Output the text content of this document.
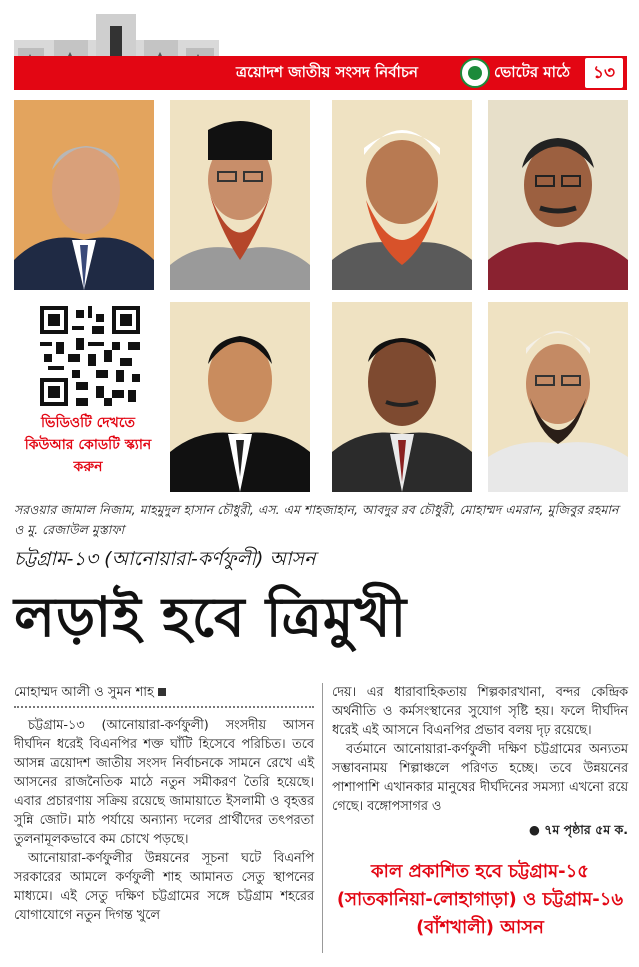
ত্রয়োদশ জাতীয় সংসদ নির্বাচন	ভোটের মাঠে	১৩
ভিডিওটি দেখতে কিউআর কোডটি স্ক্যান করুন
সরওয়ার জামাল নিজাম, মাহমুদুল হাসান চৌধুরী, এস. এম শাহজাহান, আবদুর রব চৌধুরী, মোহাম্মদ এমরান, মুজিবুর রহমান ও মু. রেজাউল মুস্তাফা
চট্টগ্রাম-১৩ (আনোয়ারা-কর্ণফুলী) আসন
লড়াই হবে ত্রিমুখী

মোহাম্মদ আলী ও সুমন শাহ

চট্টগ্রাম-১৩ (আনোয়ারা-কর্ণফুলী) সংসদীয় আসন দীর্ঘদিন ধরেই বিএনপির শক্ত ঘাঁটি হিসেবে পরিচিত। তবে আসন্ন ত্রয়োদশ জাতীয় সংসদ নির্বাচনকে সামনে রেখে এই আসনের রাজনৈতিক মাঠে নতুন সমীকরণ তৈরি হয়েছে। এবার প্রচারণায় সক্রিয় রয়েছে জামায়াতে ইসলামী ও বৃহত্তর সুন্নি জোট। মাঠ পর্যায়ে অন্যান্য দলের প্রার্থীদের তৎপরতা তুলনামূলকভাবে কম চোখে পড়ছে।

আনোয়ারা-কর্ণফুলীর উন্নয়নের সূচনা ঘটে বিএনপি সরকারের আমলে কর্ণফুলী শাহ আমানত সেতু স্থাপনের মাধ্যমে। এই সেতু দক্ষিণ চট্টগ্রামের সঙ্গে চট্টগ্রাম শহরের যোগাযোগে নতুন দিগন্ত খুলে

দেয়। এর ধারাবাহিকতায় শিল্পকারখানা, বন্দর কেন্দ্রিক অর্থনীতি ও কর্মসংস্থানের সুযোগ সৃষ্টি হয়। ফলে দীর্ঘদিন ধরেই এই আসনে বিএনপির প্রভাব বলয় দৃঢ় রয়েছে।

বর্তমানে আনোয়ারা-কর্ণফুলী দক্ষিণ চট্টগ্রামের অন্যতম সম্ভাবনাময় শিল্পাঞ্চলে পরিণত হচ্ছে। তবে উন্নয়নের পাশাপাশি এখানকার মানুষের দীর্ঘদিনের সমস্যা এখনো রয়ে গেছে। বঙ্গোপসাগর ও

● ৭ম পৃষ্ঠার ৫ম ক.
কাল প্রকাশিত হবে চট্টগ্রাম-১৫ (সাতকানিয়া-লোহাগাড়া) ও চট্টগ্রাম-১৬ (বাঁশখালী) আসন
